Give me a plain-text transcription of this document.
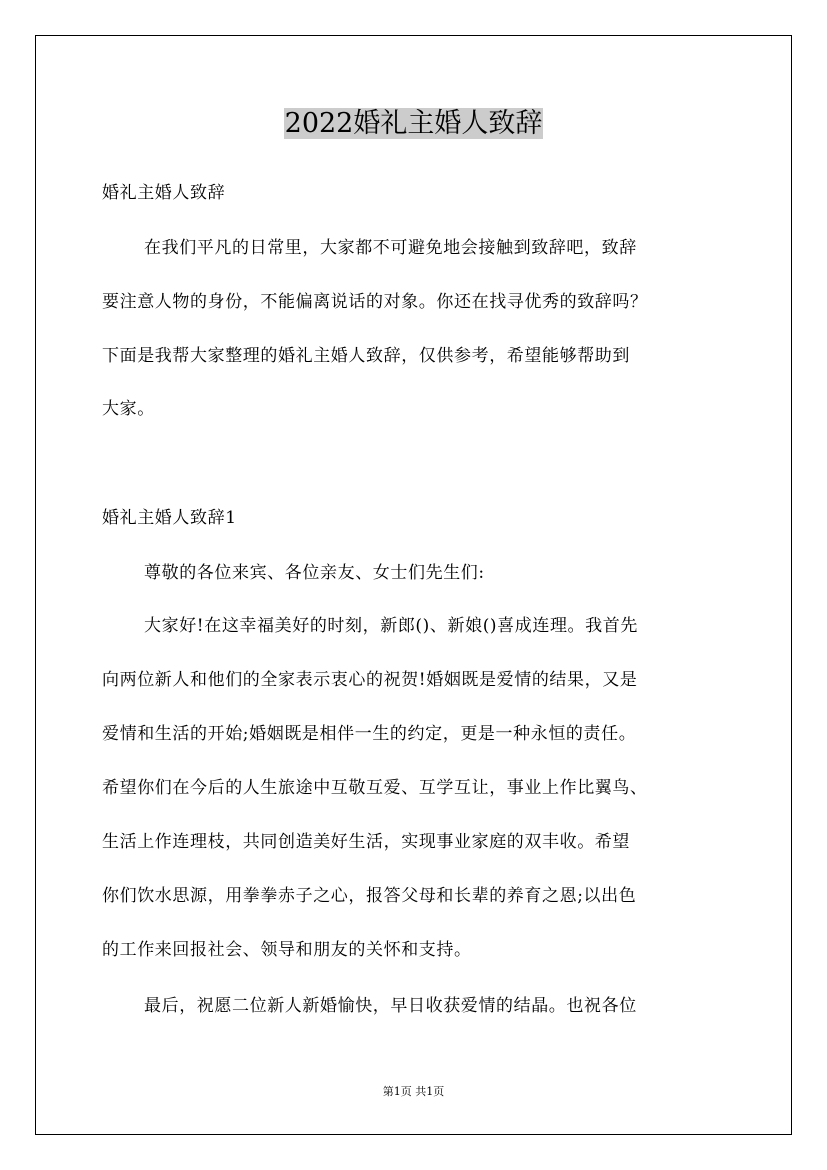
2022婚礼主婚人致辞
婚礼主婚人致辞
在我们平凡的日常里，大家都不可避免地会接触到致辞吧，致辞
要注意人物的身份，不能偏离说话的对象。你还在找寻优秀的致辞吗？
下面是我帮大家整理的婚礼主婚人致辞，仅供参考，希望能够帮助到
大家。
婚礼主婚人致辞1
尊敬的各位来宾、各位亲友、女士们先生们:
大家好!在这幸福美好的时刻，新郎()、新娘()喜成连理。我首先
向两位新人和他们的全家表示衷心的祝贺!婚姻既是爱情的结果，又是
爱情和生活的开始;婚姻既是相伴一生的约定，更是一种永恒的责任。
希望你们在今后的人生旅途中互敬互爱、互学互让，事业上作比翼鸟、
生活上作连理枝，共同创造美好生活，实现事业家庭的双丰收。希望
你们饮水思源，用拳拳赤子之心，报答父母和长辈的养育之恩;以出色
的工作来回报社会、领导和朋友的关怀和支持。
最后，祝愿二位新人新婚愉快，早日收获爱情的结晶。也祝各位
第1页 共1页
